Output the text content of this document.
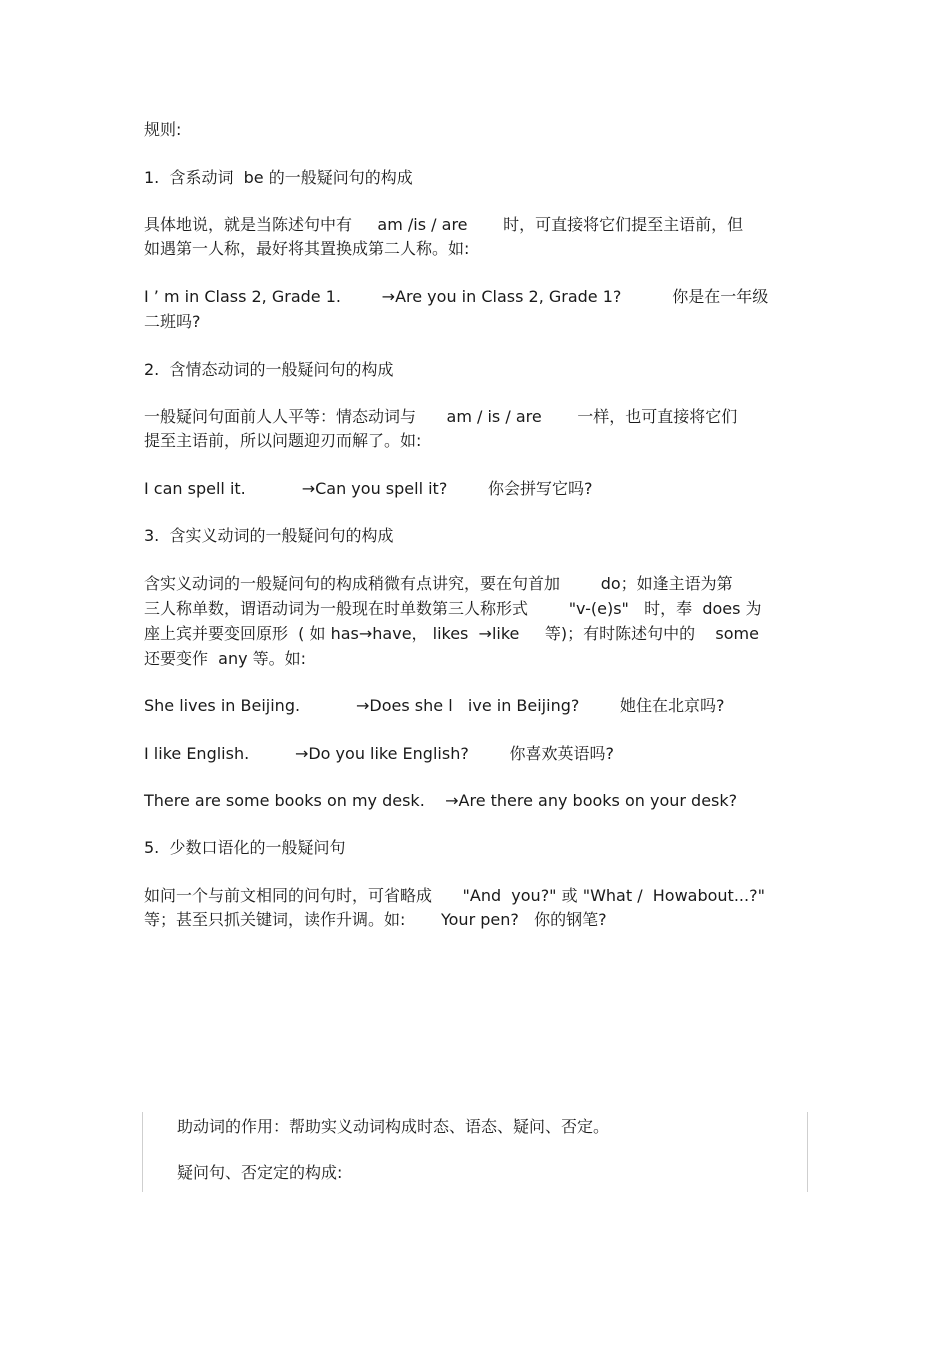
规则:
1.  含系动词  be 的一般疑问句的构成
具体地说，就是当陈述句中有     am /is / are       时，可直接将它们提至主语前，但
如遇第一人称，最好将其置换成第二人称。如:
I ’ m in Class 2, Grade 1.        →Are you in Class 2, Grade 1?          你是在一年级
二班吗?
2.  含情态动词的一般疑问句的构成
一般疑问句面前人人平等：情态动词与      am / is / are       一样，也可直接将它们
提至主语前，所以问题迎刃而解了。如:
I can spell it.           →Can you spell it?        你会拼写它吗?
3.  含实义动词的一般疑问句的构成
含实义动词的一般疑问句的构成稍微有点讲究，要在句首加        do；如逢主语为第
三人称单数，谓语动词为一般现在时单数第三人称形式        "v-(e)s"   时，奉  does 为
座上宾并要变回原形  ( 如 has→have， likes  →like     等)；有时陈述句中的    some
还要变作  any 等。如:
She lives in Beijing.           →Does she l   ive in Beijing?        她住在北京吗?
I like English.         →Do you like English?        你喜欢英语吗?
There are some books on my desk.    →Are there any books on your desk?
5.  少数口语化的一般疑问句
如问一个与前文相同的问句时，可省略成      "And  you?" 或 "What /  Howabout...?"
等；甚至只抓关键词，读作升调。如:       Your pen?   你的钢笔?
助动词的作用：帮助实义动词构成时态、语态、疑问、否定。
疑问句、否定定的构成:
